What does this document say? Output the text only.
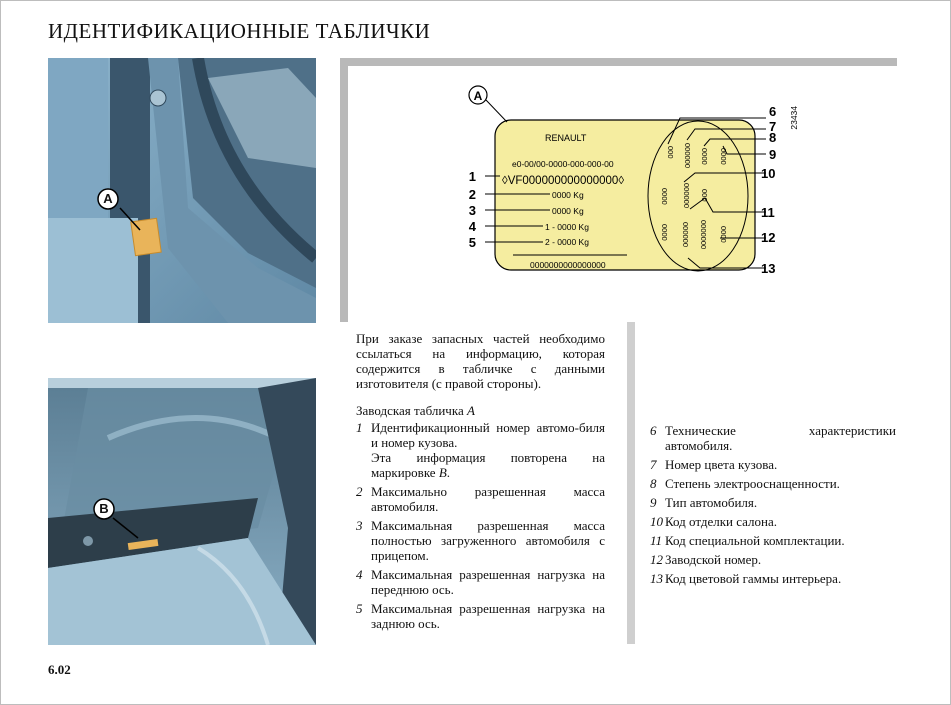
ИДЕНТИФИКАЦИОННЫЕ ТАБЛИЧКИ
A
B
A
RENAULT
e0-00/00-0000-000-000-00
◊VF000000000000000◊
0000 Kg
0000 Kg
1 - 0000 Kg
2 - 0000 Kg
0000000000000000
000 000000 0000 0000
0000 000000 000
0000 000000 0000000 0000
23434
1
2
3
4
5
6
7
8
9
10
11
12
13

При заказе запасных частей необходимо ссылаться на информацию, которая содержится в табличке с данными изготовителя (с правой стороны).

Заводская табличка A

1 Идентификационный номер автомо-биля и номер кузова.
Эта информация повторена на маркировке B.
2 Максимально разрешенная масса автомобиля.
3 Максимальная разрешенная масса полностью загруженного автомобиля с прицепом.
4 Максимальная разрешенная нагрузка на переднюю ось.
5 Максимальная разрешенная нагрузка на заднюю ось.
6 Технические характеристики автомобиля.
7 Номер цвета кузова.
8 Степень электрооснащенности.
9 Тип автомобиля.
10 Код отделки салона.
11 Код специальной комплектации.
12 Заводской номер.
13 Код цветовой гаммы интерьера.
6.02
